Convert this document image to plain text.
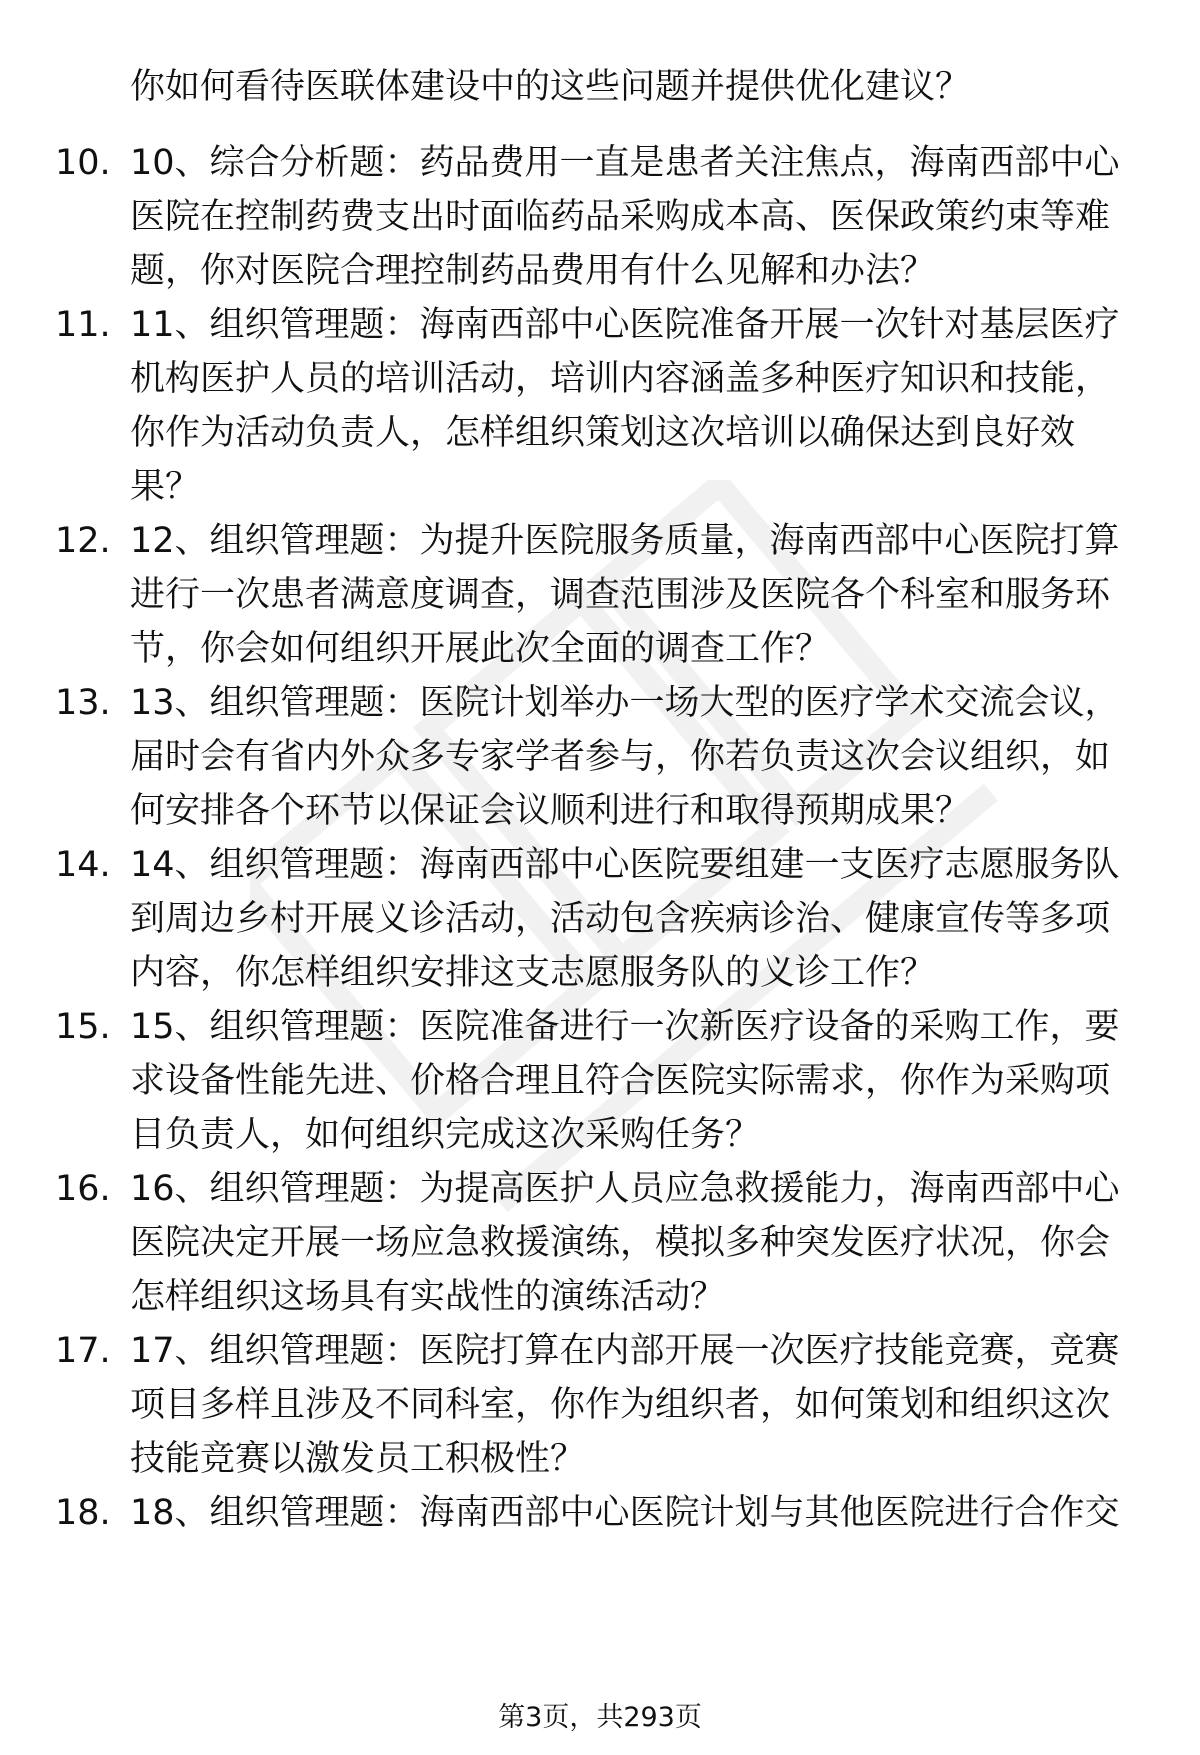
你如何看待医联体建设中的这些问题并提供优化建议？
10. 10、综合分析题：药品费用一直是患者关注焦点，海南西部中心医院在控制药费支出时面临药品采购成本高、医保政策约束等难题，你对医院合理控制药品费用有什么见解和办法？
11. 11、组织管理题：海南西部中心医院准备开展一次针对基层医疗机构医护人员的培训活动，培训内容涵盖多种医疗知识和技能，你作为活动负责人，怎样组织策划这次培训以确保达到良好效果？
12. 12、组织管理题：为提升医院服务质量，海南西部中心医院打算进行一次患者满意度调查，调查范围涉及医院各个科室和服务环节，你会如何组织开展此次全面的调查工作？
13. 13、组织管理题：医院计划举办一场大型的医疗学术交流会议，届时会有省内外众多专家学者参与，你若负责这次会议组织，如何安排各个环节以保证会议顺利进行和取得预期成果？
14. 14、组织管理题：海南西部中心医院要组建一支医疗志愿服务队到周边乡村开展义诊活动，活动包含疾病诊治、健康宣传等多项内容，你怎样组织安排这支志愿服务队的义诊工作？
15. 15、组织管理题：医院准备进行一次新医疗设备的采购工作，要求设备性能先进、价格合理且符合医院实际需求，你作为采购项目负责人，如何组织完成这次采购任务？
16. 16、组织管理题：为提高医护人员应急救援能力，海南西部中心医院决定开展一场应急救援演练，模拟多种突发医疗状况，你会怎样组织这场具有实战性的演练活动？
17. 17、组织管理题：医院打算在内部开展一次医疗技能竞赛，竞赛项目多样且涉及不同科室，你作为组织者，如何策划和组织这次技能竞赛以激发员工积极性？
18. 18、组织管理题：海南西部中心医院计划与其他医院进行合作交
第3页，共293页
